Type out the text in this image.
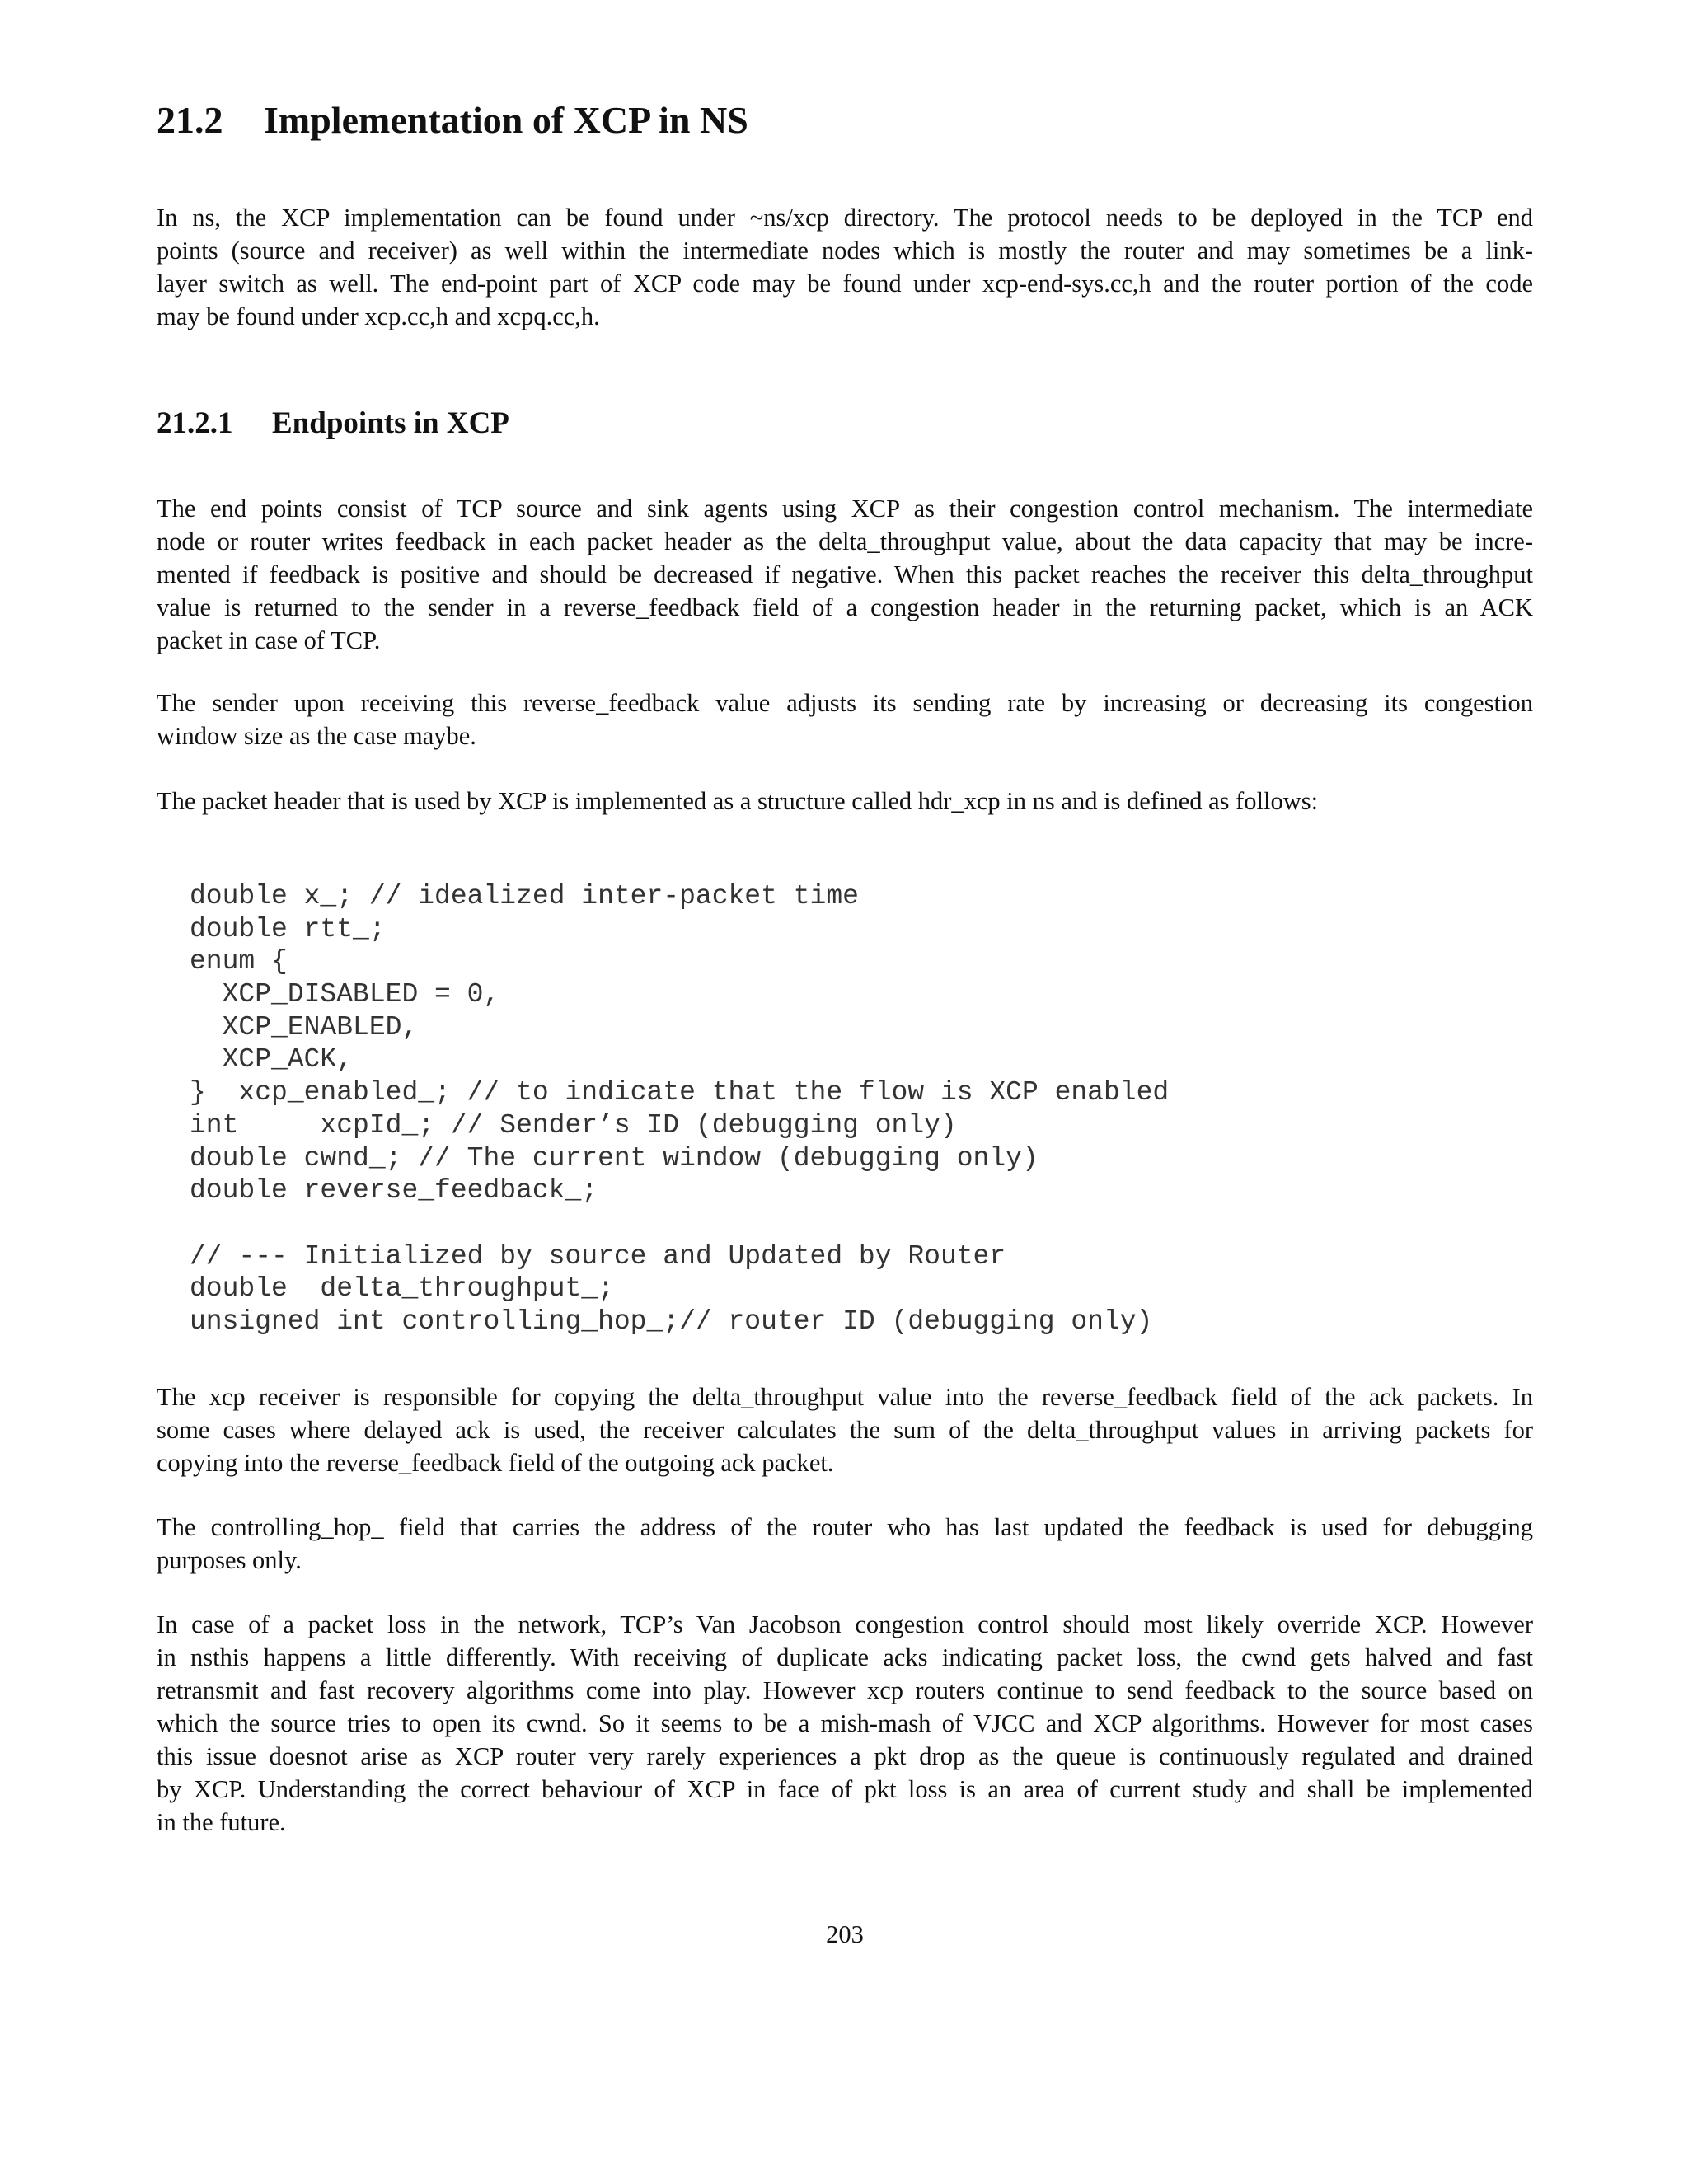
21.2 Implementation of XCP in NS

In ns, the XCP implementation can be found under ~ns/xcp directory. The protocol needs to be deployed in the TCP end
points (source and receiver) as well within the intermediate nodes which is mostly the router and may sometimes be a link-
layer switch as well. The end-point part of XCP code may be found under xcp-end-sys.cc,h and the router portion of the code
may be found under xcp.cc,h and xcpq.cc,h.

21.2.1 Endpoints in XCP

The end points consist of TCP source and sink agents using XCP as their congestion control mechanism. The intermediate
node or router writes feedback in each packet header as the delta_throughput value, about the data capacity that may be incre-
mented if feedback is positive and should be decreased if negative. When this packet reaches the receiver this delta_throughput
value is returned to the sender in a reverse_feedback field of a congestion header in the returning packet, which is an ACK
packet in case of TCP.

The sender upon receiving this reverse_feedback value adjusts its sending rate by increasing or decreasing its congestion
window size as the case maybe.

The packet header that is used by XCP is implemented as a structure called hdr_xcp in ns and is defined as follows:

double x_; // idealized inter-packet time
double rtt_;
enum {
XCP_DISABLED = 0,
XCP_ENABLED,
XCP_ACK,
}  xcp_enabled_; // to indicate that the flow is XCP enabled
int     xcpId_; // Sender’s ID (debugging only)
double cwnd_; // The current window (debugging only)
double reverse_feedback_;
// --- Initialized by source and Updated by Router
double  delta_throughput_;
unsigned int controlling_hop_;// router ID (debugging only)

The xcp receiver is responsible for copying the delta_throughput value into the reverse_feedback field of the ack packets. In
some cases where delayed ack is used, the receiver calculates the sum of the delta_throughput values in arriving packets for
copying into the reverse_feedback field of the outgoing ack packet.

The controlling_hop_ field that carries the address of the router who has last updated the feedback is used for debugging
purposes only.

In case of a packet loss in the network, TCP’s Van Jacobson congestion control should most likely override XCP. However
in nsthis happens a little differently. With receiving of duplicate acks indicating packet loss, the cwnd gets halved and fast
retransmit and fast recovery algorithms come into play. However xcp routers continue to send feedback to the source based on
which the source tries to open its cwnd. So it seems to be a mish-mash of VJCC and XCP algorithms. However for most cases
this issue doesnot arise as XCP router very rarely experiences a pkt drop as the queue is continuously regulated and drained
by XCP. Understanding the correct behaviour of XCP in face of pkt loss is an area of current study and shall be implemented
in the future.

203
